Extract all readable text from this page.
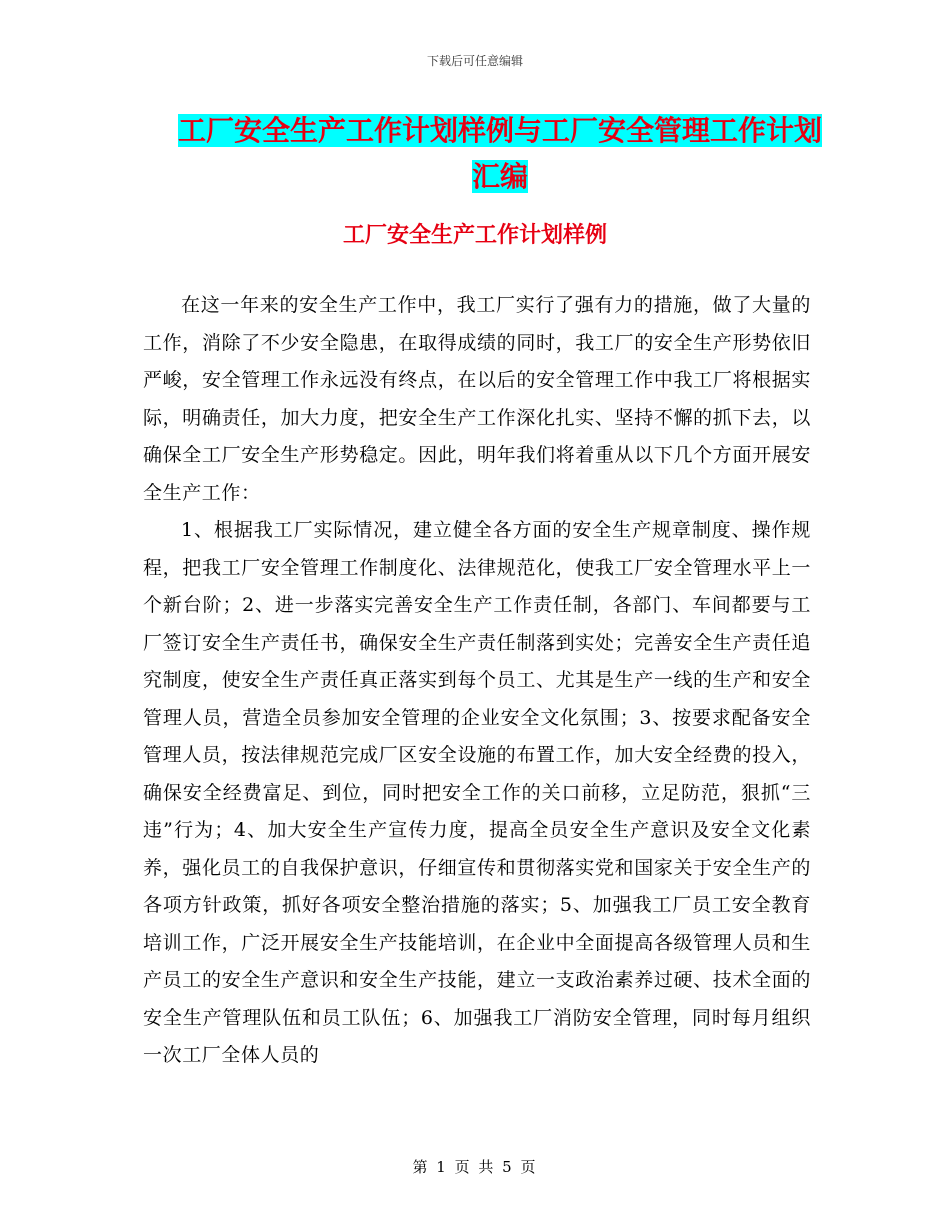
下载后可任意编辑
工厂安全生产工作计划样例与工厂安全管理工作计划
汇编
工厂安全生产工作计划样例

在这一年来的安全生产工作中，我工厂实行了强有力的措施，做了大量的工作，消除了不少安全隐患，在取得成绩的同时，我工厂的安全生产形势依旧严峻，安全管理工作永远没有终点，在以后的安全管理工作中我工厂将根据实际，明确责任，加大力度，把安全生产工作深化扎实、坚持不懈的抓下去，以确保全工厂安全生产形势稳定。因此，明年我们将着重从以下几个方面开展安全生产工作：

1、根据我工厂实际情况，建立健全各方面的安全生产规章制度、操作规程，把我工厂安全管理工作制度化、法律规范化，使我工厂安全管理水平上一个新台阶；2、进一步落实完善安全生产工作责任制，各部门、车间都要与工厂签订安全生产责任书，确保安全生产责任制落到实处；完善安全生产责任追究制度，使安全生产责任真正落实到每个员工、尤其是生产一线的生产和安全管理人员，营造全员参加安全管理的企业安全文化氛围；3、按要求配备安全管理人员，按法律规范完成厂区安全设施的布置工作，加大安全经费的投入，确保安全经费富足、到位，同时把安全工作的关口前移，立足防范，狠抓“三违”行为；4、加大安全生产宣传力度，提高全员安全生产意识及安全文化素养，强化员工的自我保护意识，仔细宣传和贯彻落实党和国家关于安全生产的各项方针政策，抓好各项安全整治措施的落实；5、加强我工厂员工安全教育培训工作，广泛开展安全生产技能培训，在企业中全面提高各级管理人员和生产员工的安全生产意识和安全生产技能，建立一支政治素养过硬、技术全面的安全生产管理队伍和员工队伍；6、加强我工厂消防安全管理，同时每月组织一次工厂全体人员的

第 1 页 共 5 页
